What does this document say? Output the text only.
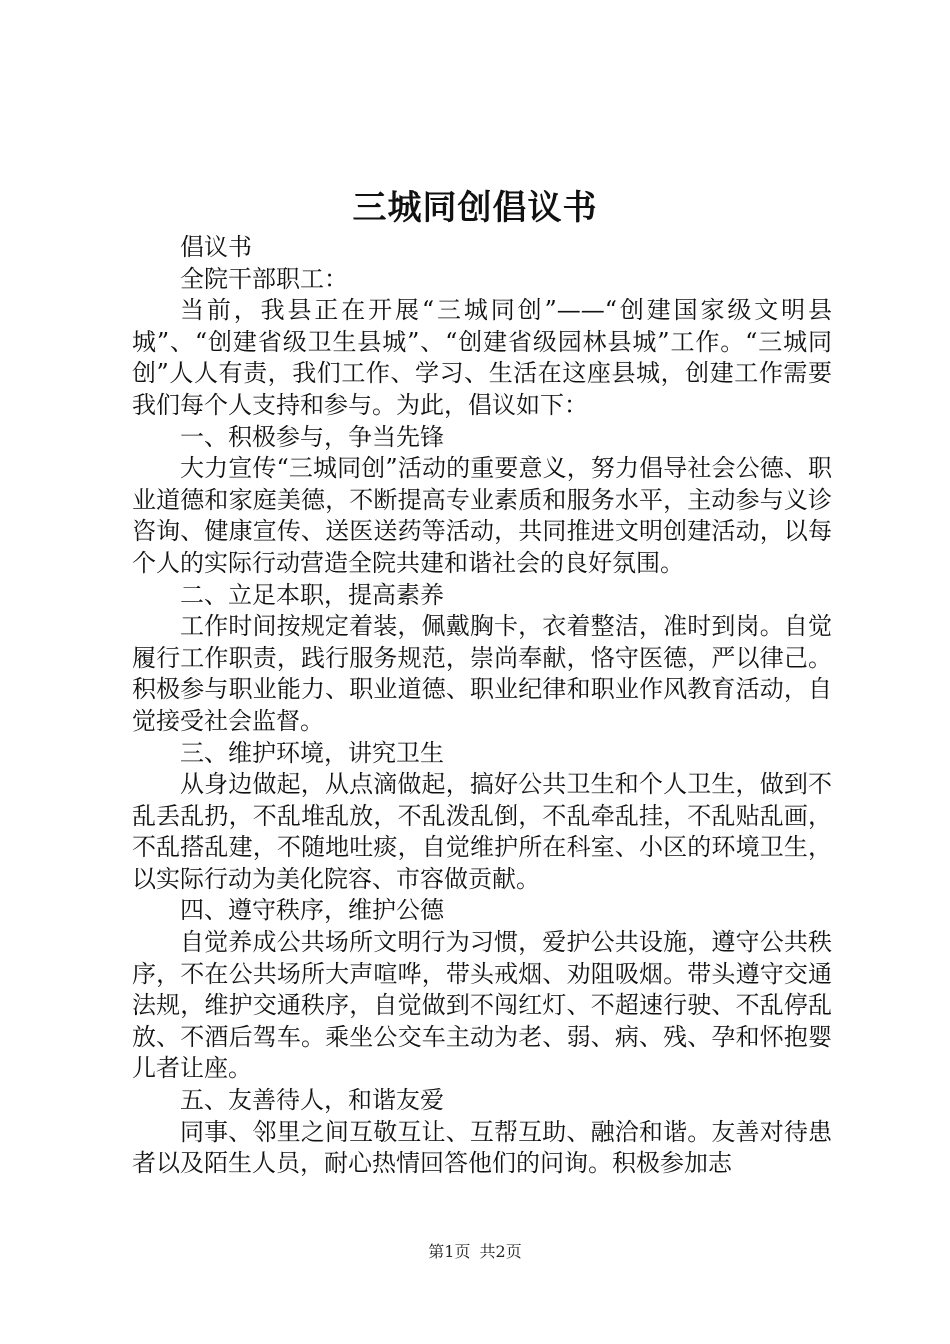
三城同创倡议书

倡议书

全院干部职工：

当前，我县正在开展“三城同创”——“创建国家级文明县城”、“创建省级卫生县城”、“创建省级园林县城”工作。“三城同创”人人有责，我们工作、学习、生活在这座县城，创建工作需要我们每个人支持和参与。为此，倡议如下：

一、积极参与，争当先锋

大力宣传“三城同创”活动的重要意义，努力倡导社会公德、职业道德和家庭美德，不断提高专业素质和服务水平，主动参与义诊咨询、健康宣传、送医送药等活动，共同推进文明创建活动，以每个人的实际行动营造全院共建和谐社会的良好氛围。

二、立足本职，提高素养

工作时间按规定着装，佩戴胸卡，衣着整洁，准时到岗。自觉履行工作职责，践行服务规范，崇尚奉献，恪守医德，严以律己。积极参与职业能力、职业道德、职业纪律和职业作风教育活动，自觉接受社会监督。

三、维护环境，讲究卫生

从身边做起，从点滴做起，搞好公共卫生和个人卫生，做到不乱丢乱扔，不乱堆乱放，不乱泼乱倒，不乱牵乱挂，不乱贴乱画，不乱搭乱建，不随地吐痰，自觉维护所在科室、小区的环境卫生，以实际行动为美化院容、市容做贡献。

四、遵守秩序，维护公德

自觉养成公共场所文明行为习惯，爱护公共设施，遵守公共秩序，不在公共场所大声喧哗，带头戒烟、劝阻吸烟。带头遵守交通法规，维护交通秩序，自觉做到不闯红灯、不超速行驶、不乱停乱放、不酒后驾车。乘坐公交车主动为老、弱、病、残、孕和怀抱婴儿者让座。

五、友善待人，和谐友爱

同事、邻里之间互敬互让、互帮互助、融洽和谐。友善对待患者以及陌生人员，耐心热情回答他们的问询。积极参加志

第1页 共2页
